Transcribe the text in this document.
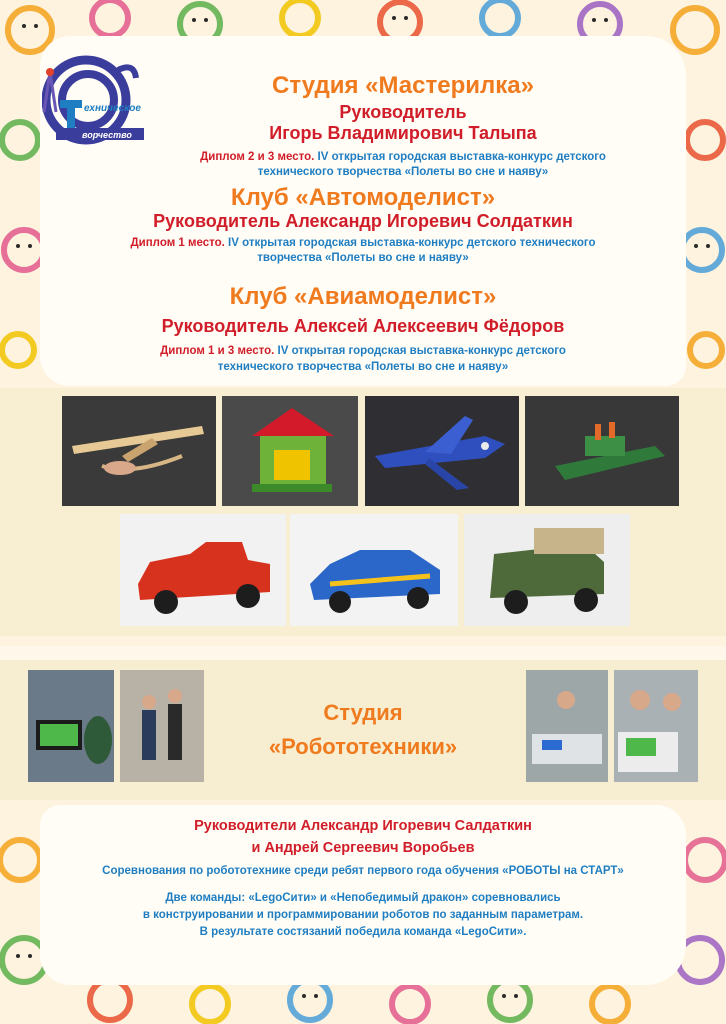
ехническое
ворчество
Студия «Мастерилка»
Руководитель
Игорь Владимирович Талыпа
Диплом 2 и 3 место. IV открытая городская выставка-конкурс детского
технического творчества «Полеты во сне и наяву»
Клуб «Автомоделист»
Руководитель Александр Игоревич Солдаткин
Диплом 1 место. IV открытая городская выставка-конкурс детского технического
творчества «Полеты во сне и наяву»
Клуб «Авиамоделист»
Руководитель Алексей Алексеевич Фёдоров
Диплом 1 и 3 место. IV открытая городская выставка-конкурс детского
технического творчества «Полеты во сне и наяву»
Студия
«Робототехники»
Руководители Александр Игоревич Салдаткин
и Андрей Сергеевич Воробьев
Соревнования по робототехнике среди ребят первого года обучения «РОБОТЫ на СТАРТ»
Две команды: «LegoСити» и «Непобедимый дракон» соревновались
в конструировании и программировании роботов по заданным параметрам.
В результате состязаний победила команда «LegoСити».
